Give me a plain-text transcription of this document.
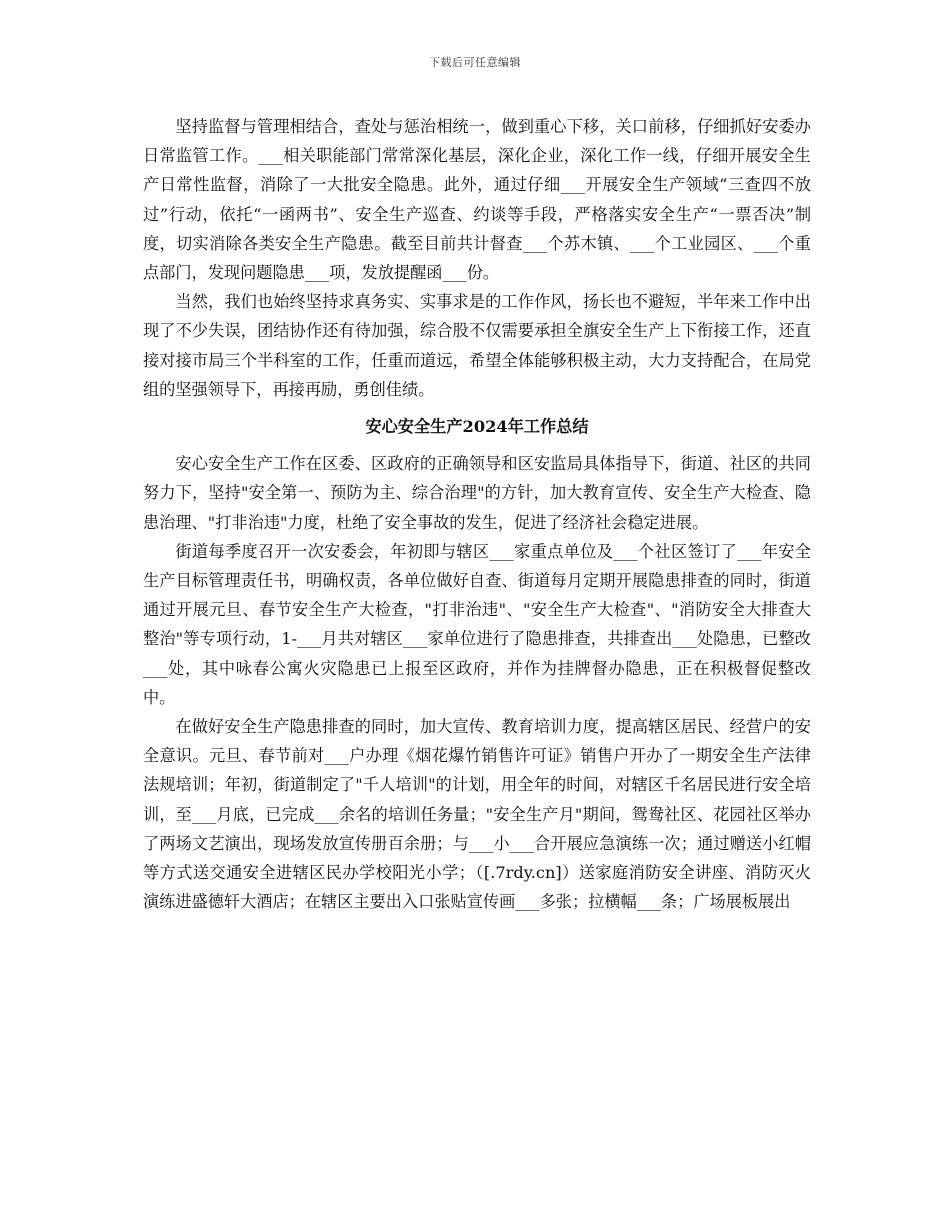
下载后可任意编辑

坚持监督与管理相结合，查处与惩治相统一，做到重心下移，关口前移，仔细抓好安委办日常监管工作。___相关职能部门常常深化基层，深化企业，深化工作一线，仔细开展安全生产日常性监督，消除了一大批安全隐患。此外，通过仔细___开展安全生产领域“三查四不放过”行动，依托“一函两书”、安全生产巡查、约谈等手段，严格落实安全生产“一票否决”制度，切实消除各类安全生产隐患。截至目前共计督查___个苏木镇、___个工业园区、___个重点部门，发现问题隐患___项，发放提醒函___份。

当然，我们也始终坚持求真务实、实事求是的工作作风，扬长也不避短，半年来工作中出现了不少失误，团结协作还有待加强，综合股不仅需要承担全旗安全生产上下衔接工作，还直接对接市局三个半科室的工作，任重而道远，希望全体能够积极主动，大力支持配合，在局党组的坚强领导下，再接再励，勇创佳绩。

安心安全生产2024年工作总结

安心安全生产工作在区委、区政府的正确领导和区安监局具体指导下，街道、社区的共同努力下，坚持"安全第一、预防为主、综合治理"的方针，加大教育宣传、安全生产大检查、隐患治理、"打非治违"力度，杜绝了安全事故的发生，促进了经济社会稳定进展。

街道每季度召开一次安委会，年初即与辖区___家重点单位及___个社区签订了___年安全生产目标管理责任书，明确权责，各单位做好自查、街道每月定期开展隐患排查的同时，街道通过开展元旦、春节安全生产大检查，"打非治违"、"安全生产大检查"、"消防安全大排查大整治"等专项行动，1-___月共对辖区___家单位进行了隐患排查，共排查出___处隐患，已整改___处，其中咏春公寓火灾隐患已上报至区政府，并作为挂牌督办隐患，正在积极督促整改中。

在做好安全生产隐患排查的同时，加大宣传、教育培训力度，提高辖区居民、经营户的安全意识。元旦、春节前对___户办理《烟花爆竹销售许可证》销售户开办了一期安全生产法律法规培训；年初，街道制定了"千人培训"的计划，用全年的时间，对辖区千名居民进行安全培训，至___月底，已完成___余名的培训任务量；"安全生产月"期间，鸳鸯社区、花园社区举办了两场文艺演出，现场发放宣传册百余册；与___小___合开展应急演练一次；通过赠送小红帽等方式送交通安全进辖区民办学校阳光小学；（[.7rdy.cn]）送家庭消防安全讲座、消防灭火演练进盛德轩大酒店；在辖区主要出入口张贴宣传画___多张；拉横幅___条；广场展板展出
